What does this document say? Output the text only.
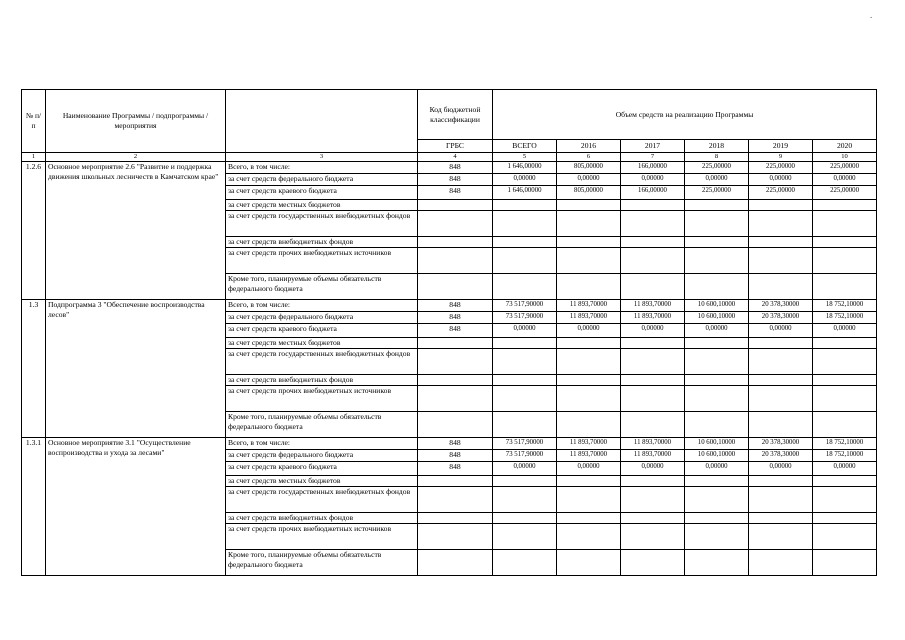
.
№ п/п	Наименование Программы / подпрограммы / мероприятия		Код бюджетной классификации	Объем средств на реализацию Программы					
			ГРБС	ВСЕГО	2016	2017	2018	2019	2020
1	2	3	4	5	6	7	8	9	10
1.2.6	Основное мероприятие 2.6 "Развитие и поддержка движения школьных лесничеств в Камчатском крае"	Всего, в том числе:	848	1 646,00000	805,00000	166,00000	225,00000	225,00000	225,00000
		за счет средств федерального бюджета	848	0,00000	0,00000	0,00000	0,00000	0,00000	0,00000
		за счет средств краевого бюджета	848	1 646,00000	805,00000	166,00000	225,00000	225,00000	225,00000
		за счет средств местных бюджетов							
		за счет средств государственных внебюджетных фондов							
		за счет средств внебюджетных фондов							
		за счет средств прочих внебюджетных источников							
		Кроме того, планируемые объемы обязательств федерального бюджета							
1.3	Подпрограмма 3 "Обеспечение воспроизводства лесов"	Всего, в том числе:	848	73 517,90000	11 893,70000	11 893,70000	10 600,10000	20 378,30000	18 752,10000
		за счет средств федерального бюджета	848	73 517,90000	11 893,70000	11 893,70000	10 600,10000	20 378,30000	18 752,10000
		за счет средств краевого бюджета	848	0,00000	0,00000	0,00000	0,00000	0,00000	0,00000
		за счет средств местных бюджетов							
		за счет средств государственных внебюджетных фондов							
		за счет средств внебюджетных фондов							
		за счет средств прочих внебюджетных источников							
		Кроме того, планируемые объемы обязательств федерального бюджета							
1.3.1	Основное мероприятие 3.1 "Осуществление воспроизводства и ухода за лесами"	Всего, в том числе:	848	73 517,90000	11 893,70000	11 893,70000	10 600,10000	20 378,30000	18 752,10000
		за счет средств федерального бюджета	848	73 517,90000	11 893,70000	11 893,70000	10 600,10000	20 378,30000	18 752,10000
		за счет средств краевого бюджета	848	0,00000	0,00000	0,00000	0,00000	0,00000	0,00000
		за счет средств местных бюджетов							
		за счет средств государственных внебюджетных фондов							
		за счет средств внебюджетных фондов							
		за счет средств прочих внебюджетных источников							
		Кроме того, планируемые объемы обязательств федерального бюджета							
